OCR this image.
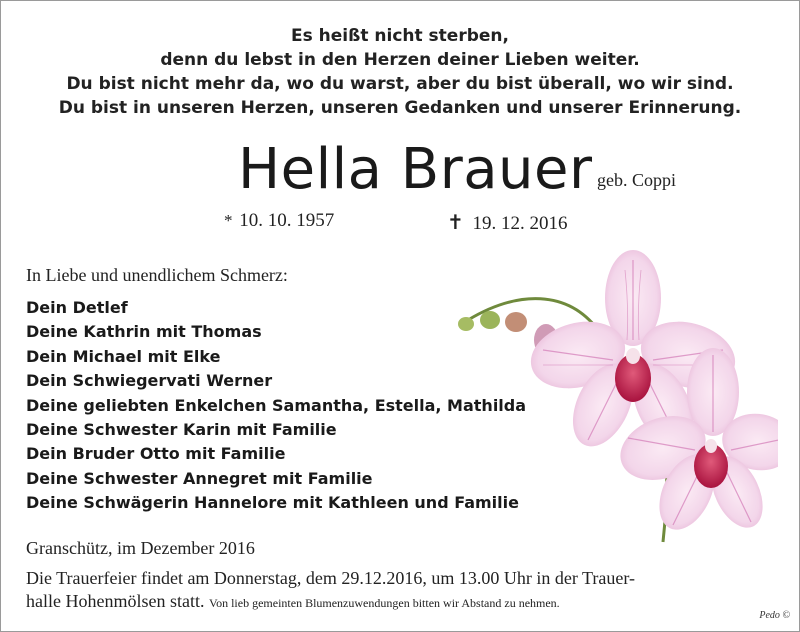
Es heißt nicht sterben,
denn du lebst in den Herzen deiner Lieben weiter.
Du bist nicht mehr da, wo du warst, aber du bist überall, wo wir sind.
Du bist in unseren Herzen, unseren Gedanken und unserer Erinnerung.
Hella Brauer geb. Coppi
* 10. 10. 1957	✝ 19. 12. 2016
In Liebe und unendlichem Schmerz:
Dein Detlef
Deine Kathrin mit Thomas
Dein Michael mit Elke
Dein Schwiegervati Werner
Deine geliebten Enkelchen Samantha, Estella, Mathilda
Deine Schwester Karin mit Familie
Dein Bruder Otto mit Familie
Deine Schwester Annegret mit Familie
Deine Schwägerin Hannelore mit Kathleen und Familie
Granschütz, im Dezember 2016
Die Trauerfeier findet am Donnerstag, dem 29.12.2016, um 13.00 Uhr in der Trauer-
halle Hohenmölsen statt. Von lieb gemeinten Blumenzuwendungen bitten wir Abstand zu nehmen.
Pedo ©
